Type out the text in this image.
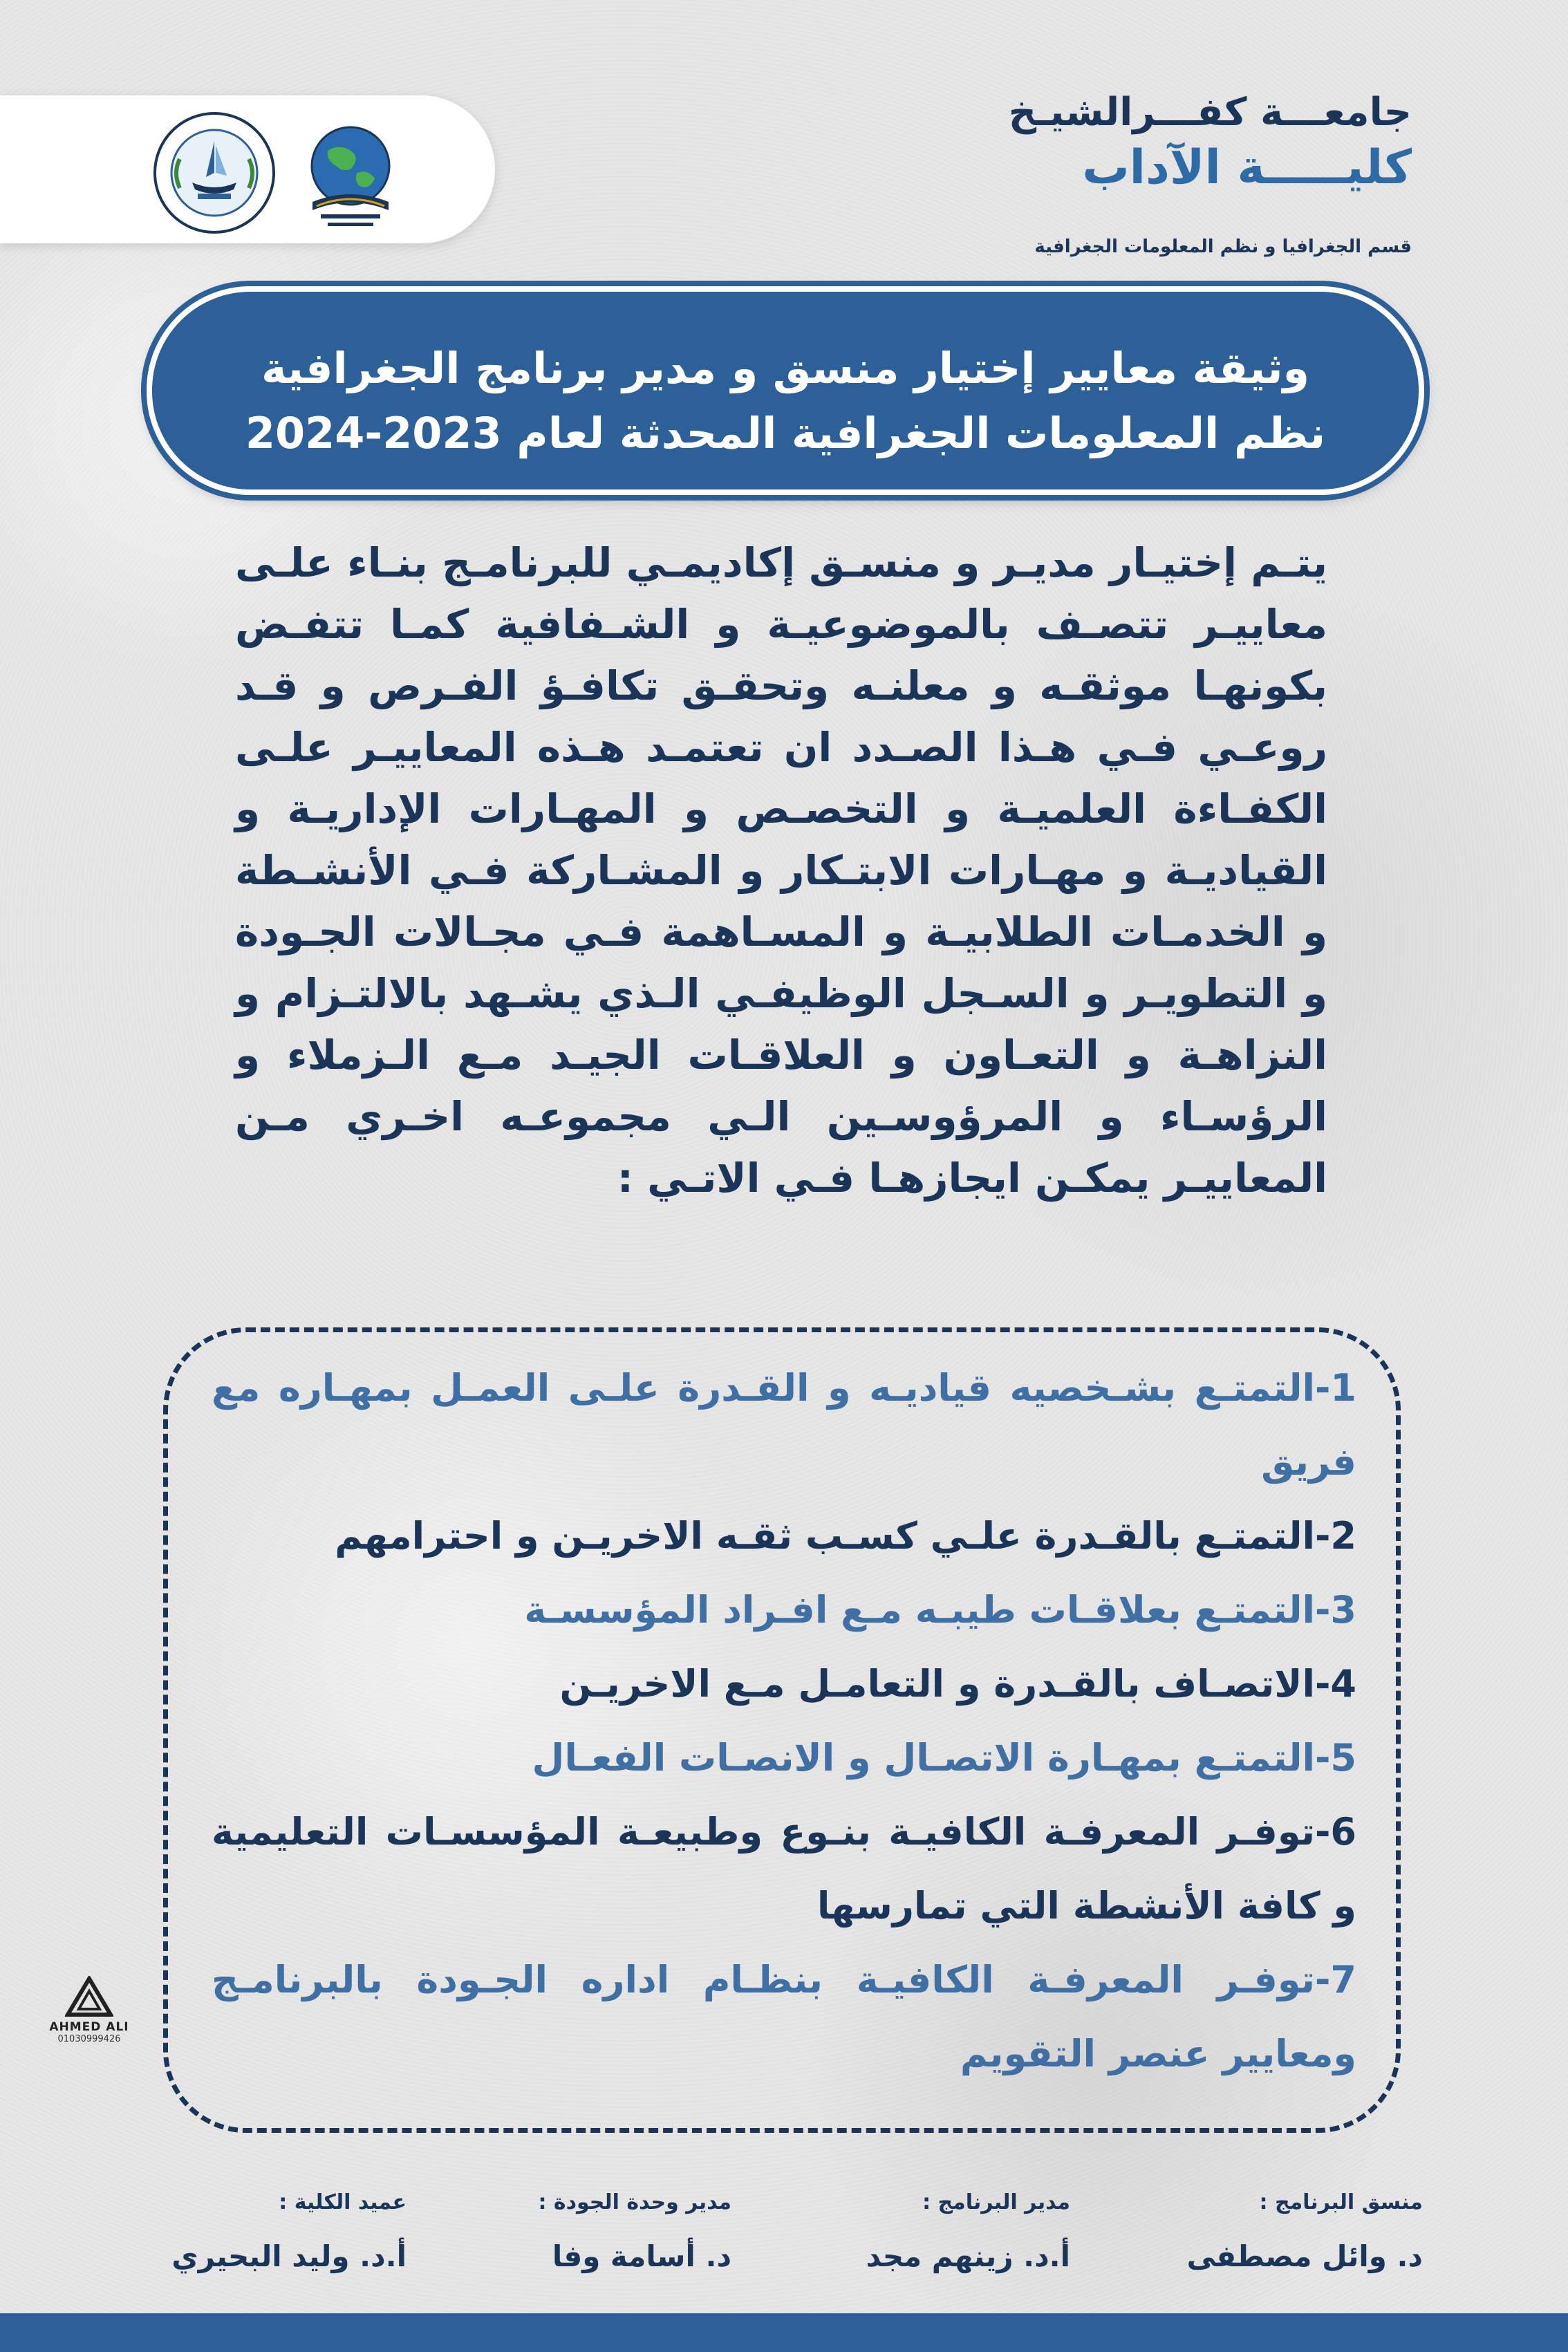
جامعـــة كفـــرالشيـخ
كليـــــة الآداب
قسم الجغرافيا و نظم المعلومات الجغرافية
وثيقة معايير إختيار منسق و مدير برنامج الجغرافية
نظم المعلومات الجغرافية المحدثة لعام 2023-2024
يتـم إختيـار مديـر و منسـق إكاديمـي للبرنامـج بنـاء علـى معاييـر تتصـف بالموضوعيـة و الشـفافية كمـا تتفـض بكونهـا موثقـه و معلنـه وتحقـق تكافـؤ الفـرص و قـد روعـي فـي هـذا الصـدد ان تعتمـد هـذه المعاييـر علـى الكفـاءة العلميـة و التخصـص و المهـارات الإداريـة و القياديـة و مهـارات الابتـكار و المشـاركة فـي الأنشـطة و الخدمـات الطلابيـة و المسـاهمة فـي مجـالات الجـودة و التطويـر و السـجل الوظيفـي الـذي يشـهد بالالتـزام و النزاهـة و التعـاون و العلاقـات الجيـد مـع الـزملاء و الرؤسـاء و المرؤوسـين الـي مجموعـه اخـري مـن المعاييـر يمكـن ايجازهـا فـي الاتـي :

1-التمتـع بشـخصيه قياديـه و القـدرة علـى العمـل بمهـاره مع فريق

2-التمتـع بالقـدرة علـي كسـب ثقـه الاخريـن و احترامهم

3-التمتـع بعلاقـات طيبـه مـع افـراد المؤسسـة

4-الاتصـاف بالقـدرة و التعامـل مـع الاخريـن

5-التمتـع بمهـارة الاتصـال و الانصـات الفعـال

6-توفـر المعرفـة الكافيـة بنـوع وطبيعـة المؤسسـات التعليمية و كافة الأنشطة التي تمارسها

7-توفـر المعرفـة الكافيـة بنظـام اداره الجـودة بالبرنامـج ومعايير عنصر التقويم

AHMED ALI
01030999426
منسق البرنامج :
د. وائل مصطفى
مدير البرنامج :
أ.د. زينهم مجد
مدير وحدة الجودة :
د. أسامة وفا
عميد الكلية :
أ.د. وليد البحيري
